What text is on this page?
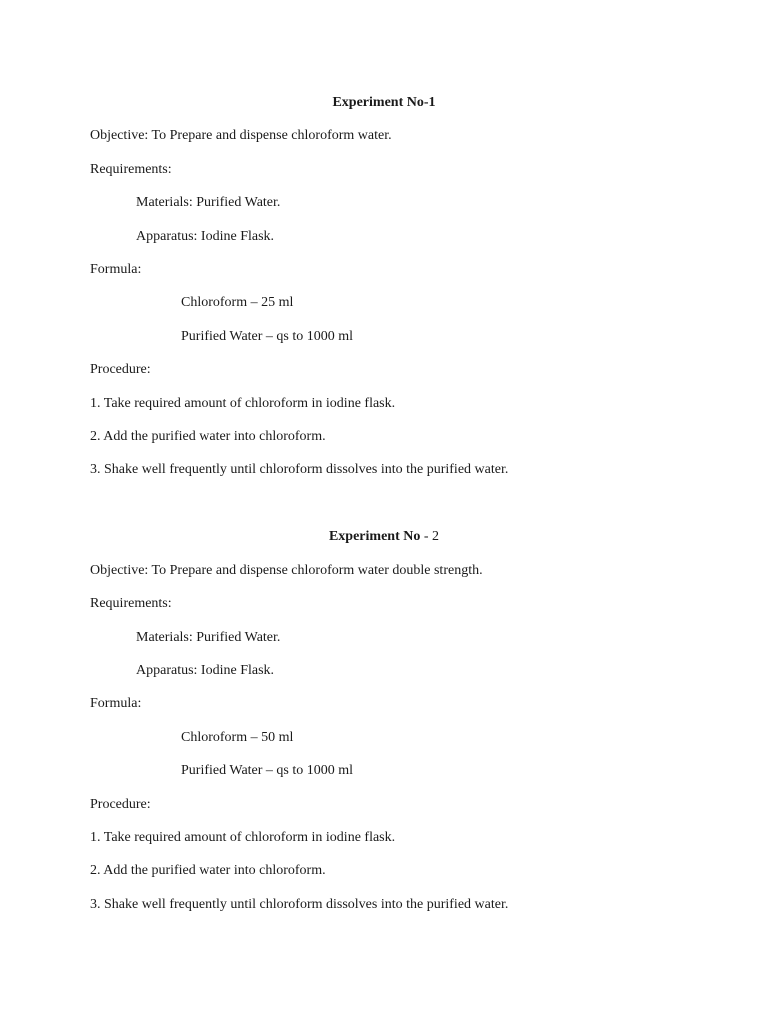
Experiment No-1
Objective: To Prepare and dispense chloroform water.
Requirements:
Materials: Purified Water.
Apparatus: Iodine Flask.
Formula:
Chloroform – 25 ml
Purified Water – qs to 1000 ml
Procedure:
1. Take required amount of chloroform in iodine flask.
2. Add the purified water into chloroform.
3. Shake well frequently until chloroform dissolves into the purified water.
Experiment No - 2
Objective: To Prepare and dispense chloroform water double strength.
Requirements:
Materials: Purified Water.
Apparatus: Iodine Flask.
Formula:
Chloroform – 50 ml
Purified Water – qs to 1000 ml
Procedure:
1. Take required amount of chloroform in iodine flask.
2. Add the purified water into chloroform.
3. Shake well frequently until chloroform dissolves into the purified water.
